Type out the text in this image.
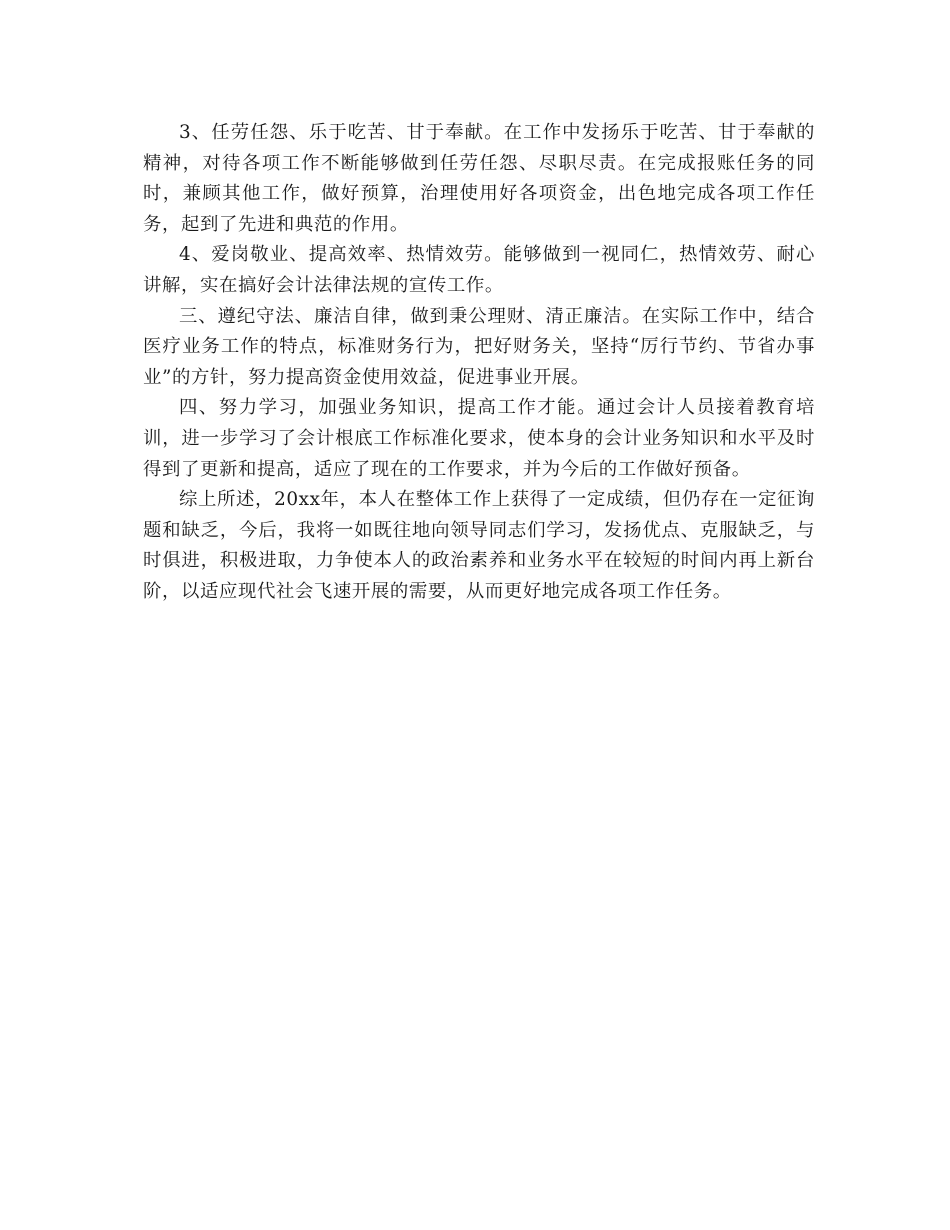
3、任劳任怨、乐于吃苦、甘于奉献。在工作中发扬乐于吃苦、甘于奉献的精神，对待各项工作不断能够做到任劳任怨、尽职尽责。在完成报账任务的同时，兼顾其他工作，做好预算，治理使用好各项资金，出色地完成各项工作任务，起到了先进和典范的作用。

4、爱岗敬业、提高效率、热情效劳。能够做到一视同仁，热情效劳、耐心讲解，实在搞好会计法律法规的宣传工作。

三、遵纪守法、廉洁自律，做到秉公理财、清正廉洁。在实际工作中，结合医疗业务工作的特点，标准财务行为，把好财务关，坚持“厉行节约、节省办事业”的方针，努力提高资金使用效益，促进事业开展。

四、努力学习，加强业务知识，提高工作才能。通过会计人员接着教育培训，进一步学习了会计根底工作标准化要求，使本身的会计业务知识和水平及时得到了更新和提高，适应了现在的工作要求，并为今后的工作做好预备。

综上所述，20xx年，本人在整体工作上获得了一定成绩，但仍存在一定征询题和缺乏，今后，我将一如既往地向领导同志们学习，发扬优点、克服缺乏，与时俱进，积极进取，力争使本人的政治素养和业务水平在较短的时间内再上新台阶，以适应现代社会飞速开展的需要，从而更好地完成各项工作任务。
